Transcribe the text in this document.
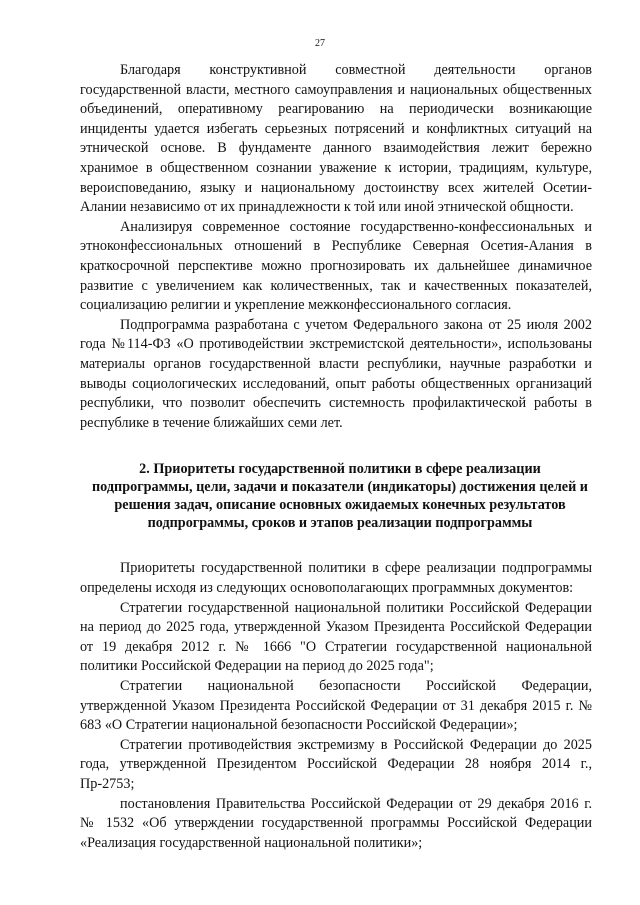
27

Благодаря конструктивной совместной деятельности органов государственной власти, местного самоуправления и национальных общественных объединений, оперативному реагированию на периодически возникающие инциденты удается избегать серьезных потрясений и конфликтных ситуаций на этнической основе. В фундаменте данного взаимодействия лежит бережно хранимое в общественном сознании уважение к истории, традициям, культуре, вероисповеданию, языку и национальному достоинству всех жителей Осетии-Алании независимо от их принадлежности к той или иной этнической общности.

Анализируя современное состояние государственно-конфессиональных и этноконфессиональных отношений в Республике Северная Осетия-Алания в краткосрочной перспективе можно прогнозировать их дальнейшее динамичное развитие с увеличением как количественных, так и качественных показателей, социализацию религии и укрепление межконфессионального согласия.

Подпрограмма разработана с учетом Федерального закона от 25 июля 2002 года №114-ФЗ «О противодействии экстремистской деятельности», использованы материалы органов государственной власти республики, научные разработки и выводы социологических исследований, опыт работы общественных организаций республики, что позволит обеспечить системность профилактической работы в республике в течение ближайших семи лет.

2. Приоритеты государственной политики в сфере реализации подпрограммы, цели, задачи и показатели (индикаторы) достижения целей и решения задач, описание основных ожидаемых конечных результатов подпрограммы, сроков и этапов реализации подпрограммы

Приоритеты государственной политики в сфере реализации подпрограммы определены исходя из следующих основополагающих программных документов:

Стратегии государственной национальной политики Российской Федерации на период до 2025 года, утвержденной Указом Президента Российской Федерации от 19 декабря 2012 г. № 1666 "О Стратегии государственной национальной политики Российской Федерации на период до 2025 года";

Стратегии национальной безопасности Российской Федерации, утвержденной Указом Президента Российской Федерации от 31 декабря 2015 г. № 683 «О Стратегии национальной безопасности Российской Федерации»;

Стратегии противодействия экстремизму в Российской Федерации до 2025 года, утвержденной Президентом Российской Федерации 28 ноября 2014 г., Пр-2753;

постановления Правительства Российской Федерации от 29 декабря 2016 г. № 1532 «Об утверждении государственной программы Российской Федерации «Реализация государственной национальной политики»;
